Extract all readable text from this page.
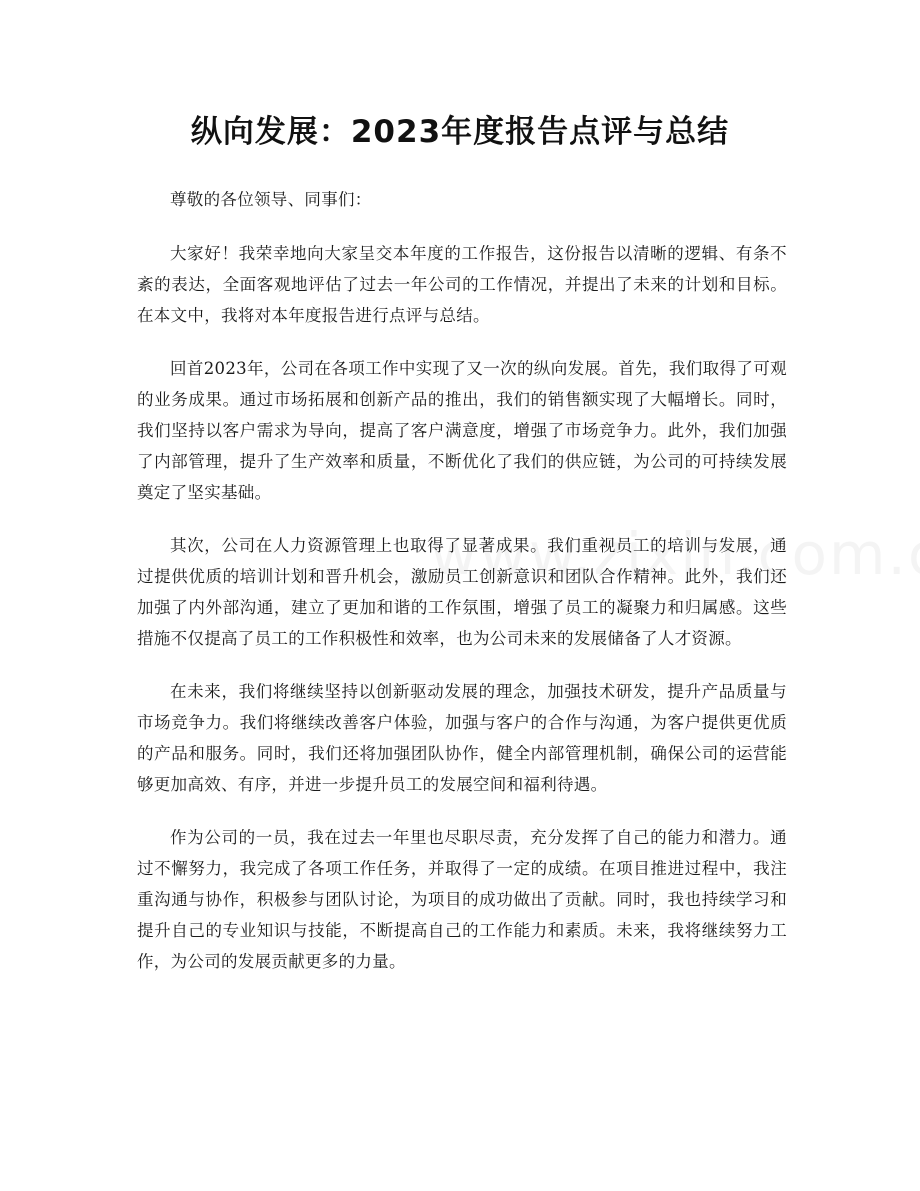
纵向发展：2023年度报告点评与总结

尊敬的各位领导、同事们：

大家好！我荣幸地向大家呈交本年度的工作报告，这份报告以清晰的逻辑、有条不紊的表达，全面客观地评估了过去一年公司的工作情况，并提出了未来的计划和目标。在本文中，我将对本年度报告进行点评与总结。

回首2023年，公司在各项工作中实现了又一次的纵向发展。首先，我们取得了可观的业务成果。通过市场拓展和创新产品的推出，我们的销售额实现了大幅增长。同时，我们坚持以客户需求为导向，提高了客户满意度，增强了市场竞争力。此外，我们加强了内部管理，提升了生产效率和质量，不断优化了我们的供应链，为公司的可持续发展奠定了坚实基础。

其次，公司在人力资源管理上也取得了显著成果。我们重视员工的培训与发展，通过提供优质的培训计划和晋升机会，激励员工创新意识和团队合作精神。此外，我们还加强了内外部沟通，建立了更加和谐的工作氛围，增强了员工的凝聚力和归属感。这些措施不仅提高了员工的工作积极性和效率，也为公司未来的发展储备了人才资源。

在未来，我们将继续坚持以创新驱动发展的理念，加强技术研发，提升产品质量与市场竞争力。我们将继续改善客户体验，加强与客户的合作与沟通，为客户提供更优质的产品和服务。同时，我们还将加强团队协作，健全内部管理机制，确保公司的运营能够更加高效、有序，并进一步提升员工的发展空间和福利待遇。

作为公司的一员，我在过去一年里也尽职尽责，充分发挥了自己的能力和潜力。通过不懈努力，我完成了各项工作任务，并取得了一定的成绩。在项目推进过程中，我注重沟通与协作，积极参与团队讨论，为项目的成功做出了贡献。同时，我也持续学习和提升自己的专业知识与技能，不断提高自己的工作能力和素质。未来，我将继续努力工作，为公司的发展贡献更多的力量。
